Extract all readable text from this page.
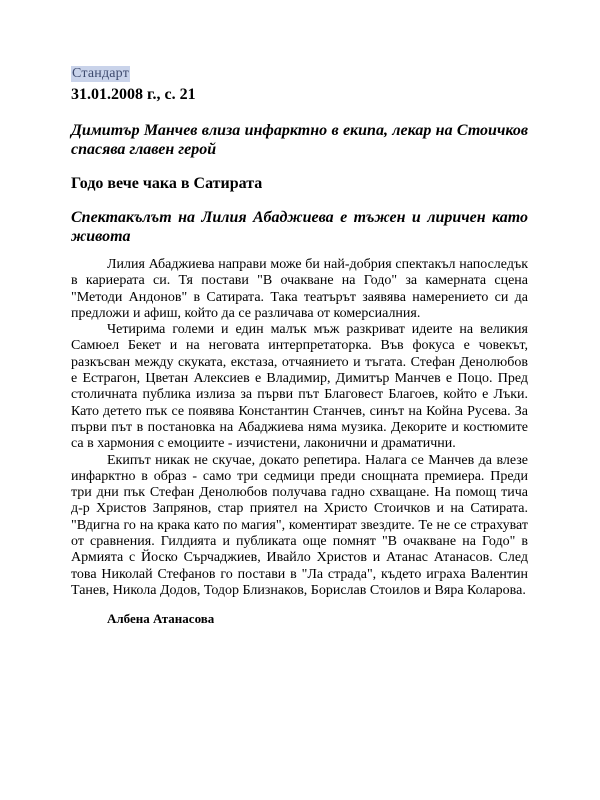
Стандарт
31.01.2008 г., с. 21
Димитър Манчев влиза инфарктно в екипа, лекар на Стоичков спасява главен герой
Годо вече чака в Сатирата
Спектакълът на Лилия Абаджиева е тъжен и лиричен като живота

Лилия Абаджиева направи може би най-добрия спектакъл напоследък в кариерата си. Тя постави "В очакване на Годо" за камерната сцена "Методи Андонов" в Сатирата. Така театърът заявява намерението си да предложи и афиш, който да се различава от комерсиалния.

Четирима големи и един малък мъж разкриват идеите на великия Самюел Бекет и на неговата интерпретаторка. Във фокуса е човекът, разкъсван между скуката, екстаза, отчаянието и тъгата. Стефан Денолюбов е Естрагон, Цветан Алексиев е Владимир, Димитър Манчев е Поцо. Пред столичната публика излиза за първи път Благовест Благоев, който е Лъки. Като детето пък се появява Константин Станчев, синът на Койна Русева. За първи път в постановка на Абаджиева няма музика. Декорите и костюмите са в хармония с емоциите - изчистени, лаконични и драматични.

Екипът никак не скучае, докато репетира. Налага се Манчев да влезе инфарктно в образ - само три седмици преди снощната премиера. Преди три дни пък Стефан Денолюбов получава гадно схващане. На помощ тича д-р Христов Запрянов, стар приятел на Христо Стоичков и на Сатирата. "Вдигна го на крака като по магия", коментират звездите. Те не се страхуват от сравнения. Гилдията и публиката още помнят "В очакване на Годо" в Армията с Йоско Сърчаджиев, Ивайло Христов и Атанас Атанасов. След това Николай Стефанов го постави в "Ла страда", където играха Валентин Танев, Никола Додов, Тодор Близнаков, Борислав Стоилов и Вяра Коларова.

Албена Атанасова
